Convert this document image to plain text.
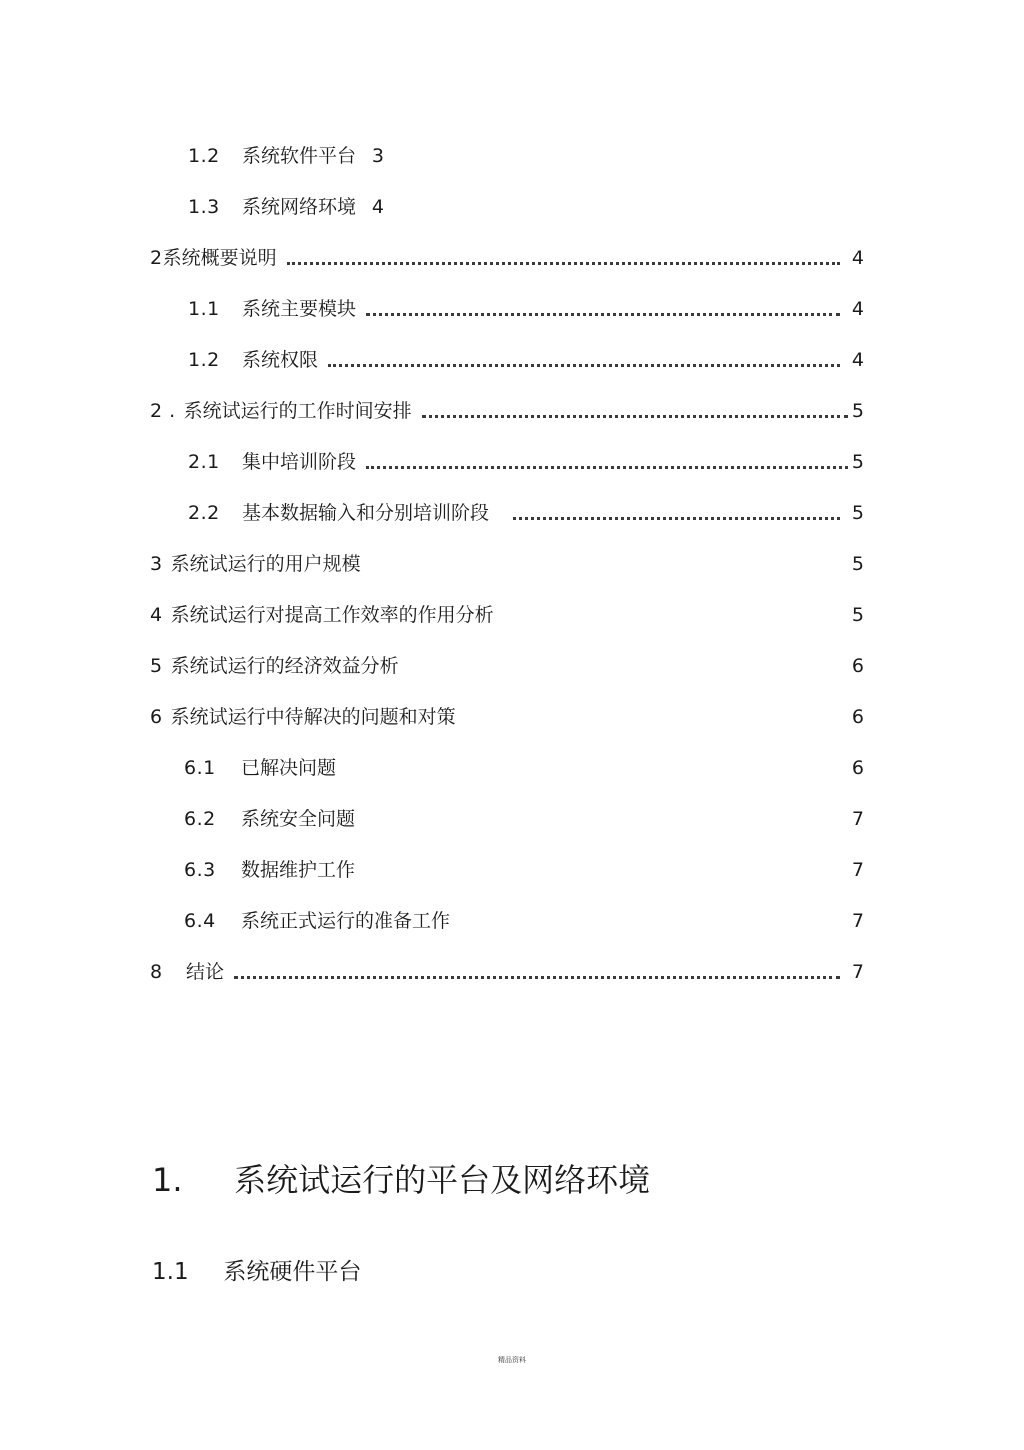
1.2	系统软件平台 3
1.3	系统网络环境 4
2 系统概要说明	4
1.1	系统主要模块	4
1.2	系统权限	4
2 . 系统试运行的工作时间安排	5
2.1	集中培训阶段	5
2.2	基本数据输入和分别培训阶段	5
3 系统试运行的用户规模	5
4 系统试运行对提高工作效率的作用分析	5
5 系统试运行的经济效益分析	6
6 系统试运行中待解决的问题和对策	6
6.1	已解决问题	6
6.2	系统安全问题	7
6.3	数据维护工作	7
6.4	系统正式运行的准备工作	7
8	结论	7
1. 系统试运行的平台及网络环境
1.1 系统硬件平台
精品资料
